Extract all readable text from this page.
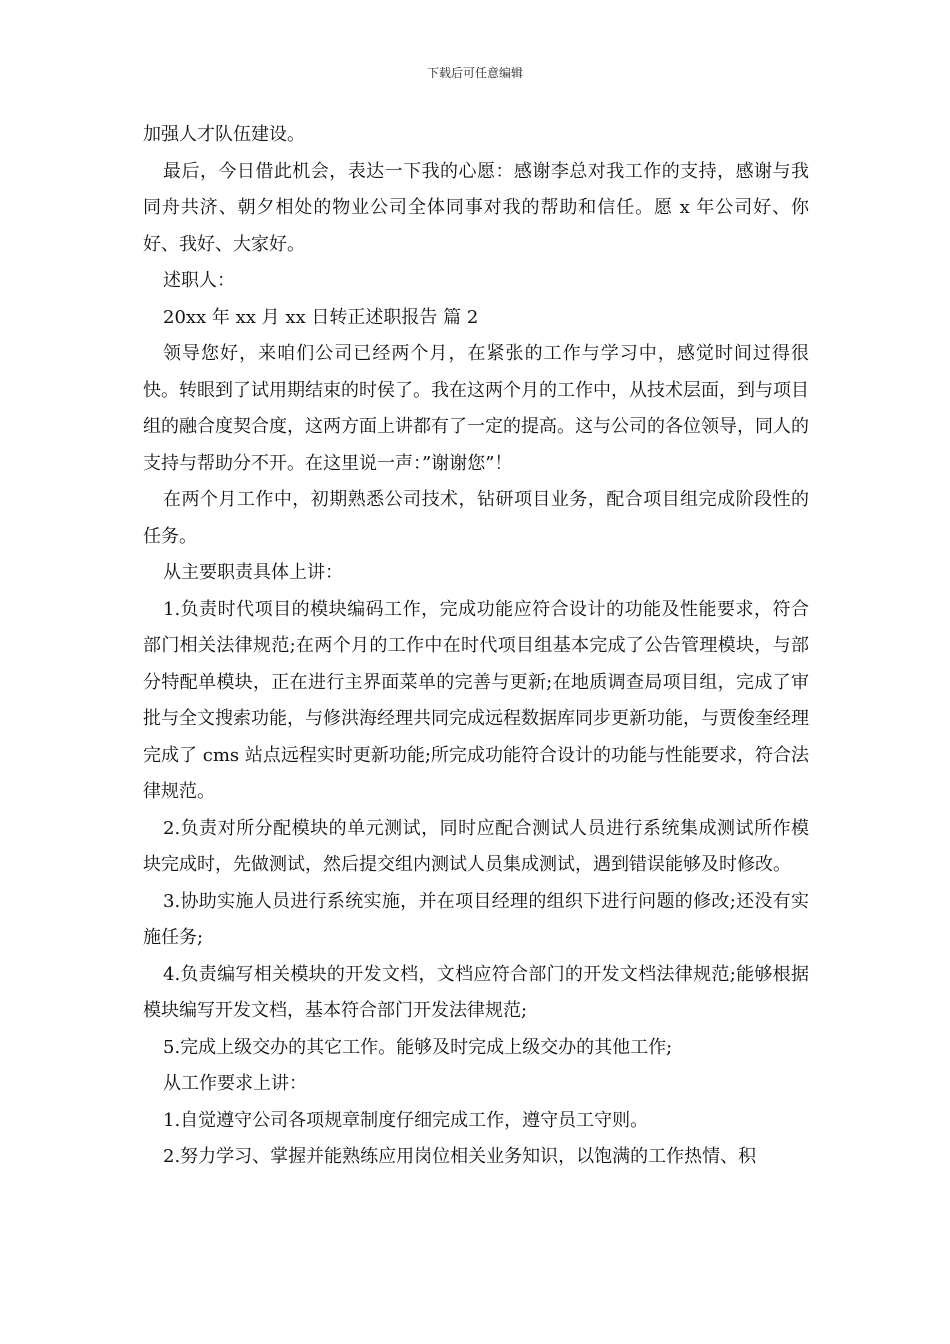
下载后可任意编辑

加强人才队伍建设。

最后，今日借此机会，表达一下我的心愿：感谢李总对我工作的支持，感谢与我同舟共济、朝夕相处的物业公司全体同事对我的帮助和信任。愿 x 年公司好、你好、我好、大家好。

述职人：

20xx 年 xx 月 xx 日转正述职报告 篇 2

领导您好，来咱们公司已经两个月，在紧张的工作与学习中，感觉时间过得很快。转眼到了试用期结束的时侯了。我在这两个月的工作中，从技术层面，到与项目组的融合度契合度，这两方面上讲都有了一定的提高。这与公司的各位领导，同人的支持与帮助分不开。在这里说一声：”谢谢您”！

在两个月工作中，初期熟悉公司技术，钻研项目业务，配合项目组完成阶段性的任务。

从主要职责具体上讲：

1.负责时代项目的模块编码工作，完成功能应符合设计的功能及性能要求，符合部门相关法律规范;在两个月的工作中在时代项目组基本完成了公告管理模块，与部分特配单模块，正在进行主界面菜单的完善与更新;在地质调查局项目组，完成了审批与全文搜索功能，与修洪海经理共同完成远程数据库同步更新功能，与贾俊奎经理完成了 cms 站点远程实时更新功能;所完成功能符合设计的功能与性能要求，符合法律规范。

2.负责对所分配模块的单元测试，同时应配合测试人员进行系统集成测试所作模块完成时，先做测试，然后提交组内测试人员集成测试，遇到错误能够及时修改。

3.协助实施人员进行系统实施，并在项目经理的组织下进行问题的修改;还没有实施任务;

4.负责编写相关模块的开发文档，文档应符合部门的开发文档法律规范;能够根据模块编写开发文档，基本符合部门开发法律规范;

5.完成上级交办的其它工作。能够及时完成上级交办的其他工作;

从工作要求上讲：

1.自觉遵守公司各项规章制度仔细完成工作，遵守员工守则。

2.努力学习、掌握并能熟练应用岗位相关业务知识，以饱满的工作热情、积
